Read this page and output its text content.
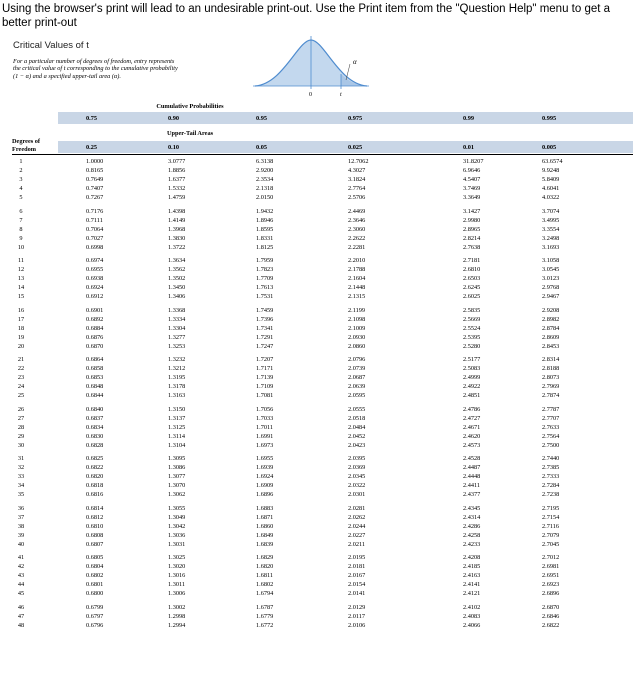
Using the browser's print will lead to an undesirable print-out. Use the Print item from the "Question Help" menu to get a better print-out
Critical Values of t
For a particular number of degrees of freedom, entry represents
the critical value of t corresponding to the cumulative probability
(1 − α) and a specified upper-tail area (α).
α
0	t
Cumulative Probabilities
Upper-Tail Areas
Degrees of
Freedom
0.75	0.90	0.95	0.975	0.99	0.995
0.25	0.10	0.05	0.025	0.01	0.005
1	1.0000	3.0777	6.3138	12.7062	31.8207	63.6574
2	0.8165	1.8856	2.9200	4.3027	6.9646	9.9248
3	0.7649	1.6377	2.3534	3.1824	4.5407	5.8409
4	0.7407	1.5332	2.1318	2.7764	3.7469	4.6041
5	0.7267	1.4759	2.0150	2.5706	3.3649	4.0322
6	0.7176	1.4398	1.9432	2.4469	3.1427	3.7074
7	0.7111	1.4149	1.8946	2.3646	2.9980	3.4995
8	0.7064	1.3968	1.8595	2.3060	2.8965	3.3554
9	0.7027	1.3830	1.8331	2.2622	2.8214	3.2498
10	0.6998	1.3722	1.8125	2.2281	2.7638	3.1693
11	0.6974	1.3634	1.7959	2.2010	2.7181	3.1058
12	0.6955	1.3562	1.7823	2.1788	2.6810	3.0545
13	0.6938	1.3502	1.7709	2.1604	2.6503	3.0123
14	0.6924	1.3450	1.7613	2.1448	2.6245	2.9768
15	0.6912	1.3406	1.7531	2.1315	2.6025	2.9467
16	0.6901	1.3368	1.7459	2.1199	2.5835	2.9208
17	0.6892	1.3334	1.7396	2.1098	2.5669	2.8982
18	0.6884	1.3304	1.7341	2.1009	2.5524	2.8784
19	0.6876	1.3277	1.7291	2.0930	2.5395	2.8609
20	0.6870	1.3253	1.7247	2.0860	2.5280	2.8453
21	0.6864	1.3232	1.7207	2.0796	2.5177	2.8314
22	0.6858	1.3212	1.7171	2.0739	2.5083	2.8188
23	0.6853	1.3195	1.7139	2.0687	2.4999	2.8073
24	0.6848	1.3178	1.7109	2.0639	2.4922	2.7969
25	0.6844	1.3163	1.7081	2.0595	2.4851	2.7874
26	0.6840	1.3150	1.7056	2.0555	2.4786	2.7787
27	0.6837	1.3137	1.7033	2.0518	2.4727	2.7707
28	0.6834	1.3125	1.7011	2.0484	2.4671	2.7633
29	0.6830	1.3114	1.6991	2.0452	2.4620	2.7564
30	0.6828	1.3104	1.6973	2.0423	2.4573	2.7500
31	0.6825	1.3095	1.6955	2.0395	2.4528	2.7440
32	0.6822	1.3086	1.6939	2.0369	2.4487	2.7385
33	0.6820	1.3077	1.6924	2.0345	2.4448	2.7333
34	0.6818	1.3070	1.6909	2.0322	2.4411	2.7284
35	0.6816	1.3062	1.6896	2.0301	2.4377	2.7238
36	0.6814	1.3055	1.6883	2.0281	2.4345	2.7195
37	0.6812	1.3049	1.6871	2.0262	2.4314	2.7154
38	0.6810	1.3042	1.6860	2.0244	2.4286	2.7116
39	0.6808	1.3036	1.6849	2.0227	2.4258	2.7079
40	0.6807	1.3031	1.6839	2.0211	2.4233	2.7045
41	0.6805	1.3025	1.6829	2.0195	2.4208	2.7012
42	0.6804	1.3020	1.6820	2.0181	2.4185	2.6981
43	0.6802	1.3016	1.6811	2.0167	2.4163	2.6951
44	0.6801	1.3011	1.6802	2.0154	2.4141	2.6923
45	0.6800	1.3006	1.6794	2.0141	2.4121	2.6896
46	0.6799	1.3002	1.6787	2.0129	2.4102	2.6870
47	0.6797	1.2998	1.6779	2.0117	2.4083	2.6846
48	0.6796	1.2994	1.6772	2.0106	2.4066	2.6822
